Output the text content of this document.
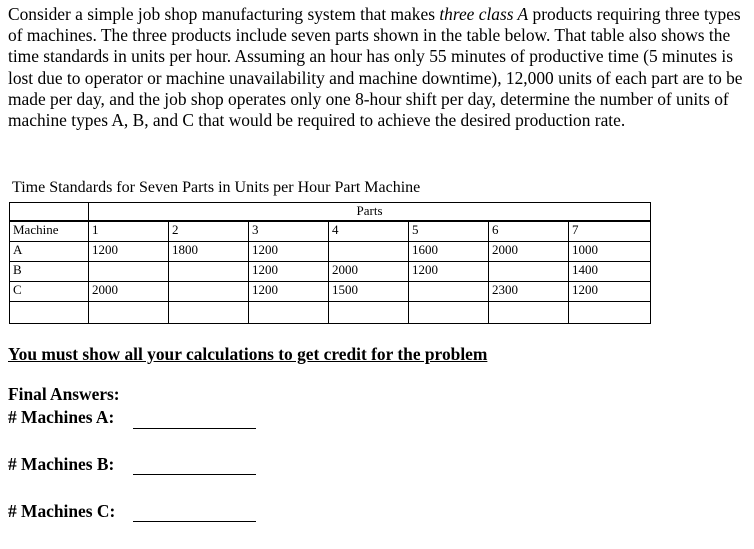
Consider a simple job shop manufacturing system that makes three class A products requiring three types of machines. The three products include seven parts shown in the table below. That table also shows the time standards in units per hour. Assuming an hour has only 55 minutes of productive time (5 minutes is lost due to operator or machine unavailability and machine downtime), 12,000 units of each part are to be made per day, and the job shop operates only one 8-hour shift per day, determine the number of units of machine types A, B, and C that would be required to achieve the desired production rate.

Time Standards for Seven Parts in Units per Hour Part Machine

	Parts						
Machine	1	2	3	4	5	6	7
A	1200	1800	1200		1600	2000	1000
B			1200	2000	1200		1400
C	2000		1200	1500		2300	1200

You must show all your calculations to get credit for the problem

Final Answers:
# Machines A:
# Machines B:
# Machines C:
